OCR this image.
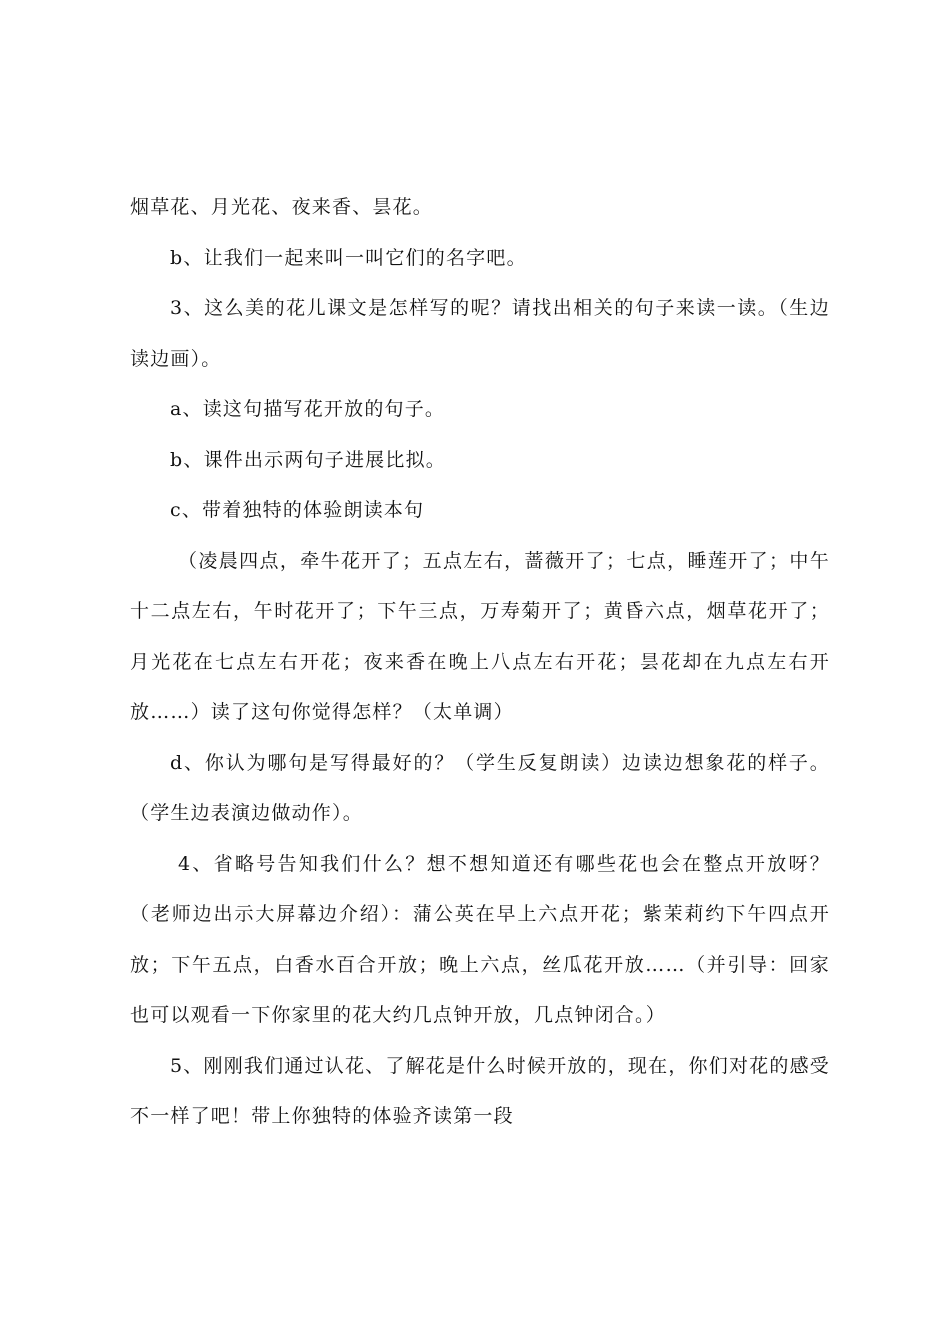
烟草花、月光花、夜来香、昙花。

b、让我们一起来叫一叫它们的名字吧。

3、这么美的花儿课文是怎样写的呢？请找出相关的句子来读一读。（生边读边画）。

a、读这句描写花开放的句子。

b、课件出示两句子进展比拟。

c、带着独特的体验朗读本句

（凌晨四点，牵牛花开了；五点左右，蔷薇开了；七点，睡莲开了；中午十二点左右，午时花开了；下午三点，万寿菊开了；黄昏六点，烟草花开了；月光花在七点左右开花；夜来香在晚上八点左右开花；昙花却在九点左右开放……）读了这句你觉得怎样？（太单调）

d、你认为哪句是写得最好的？（学生反复朗读）边读边想象花的样子。（学生边表演边做动作）。

4、省略号告知我们什么？想不想知道还有哪些花也会在整点开放呀？（老师边出示大屏幕边介绍）：蒲公英在早上六点开花；紫茉莉约下午四点开放；下午五点，白香水百合开放；晚上六点，丝瓜花开放……（并引导：回家也可以观看一下你家里的花大约几点钟开放，几点钟闭合。）

5、刚刚我们通过认花、了解花是什么时候开放的，现在，你们对花的感受不一样了吧！带上你独特的体验齐读第一段
